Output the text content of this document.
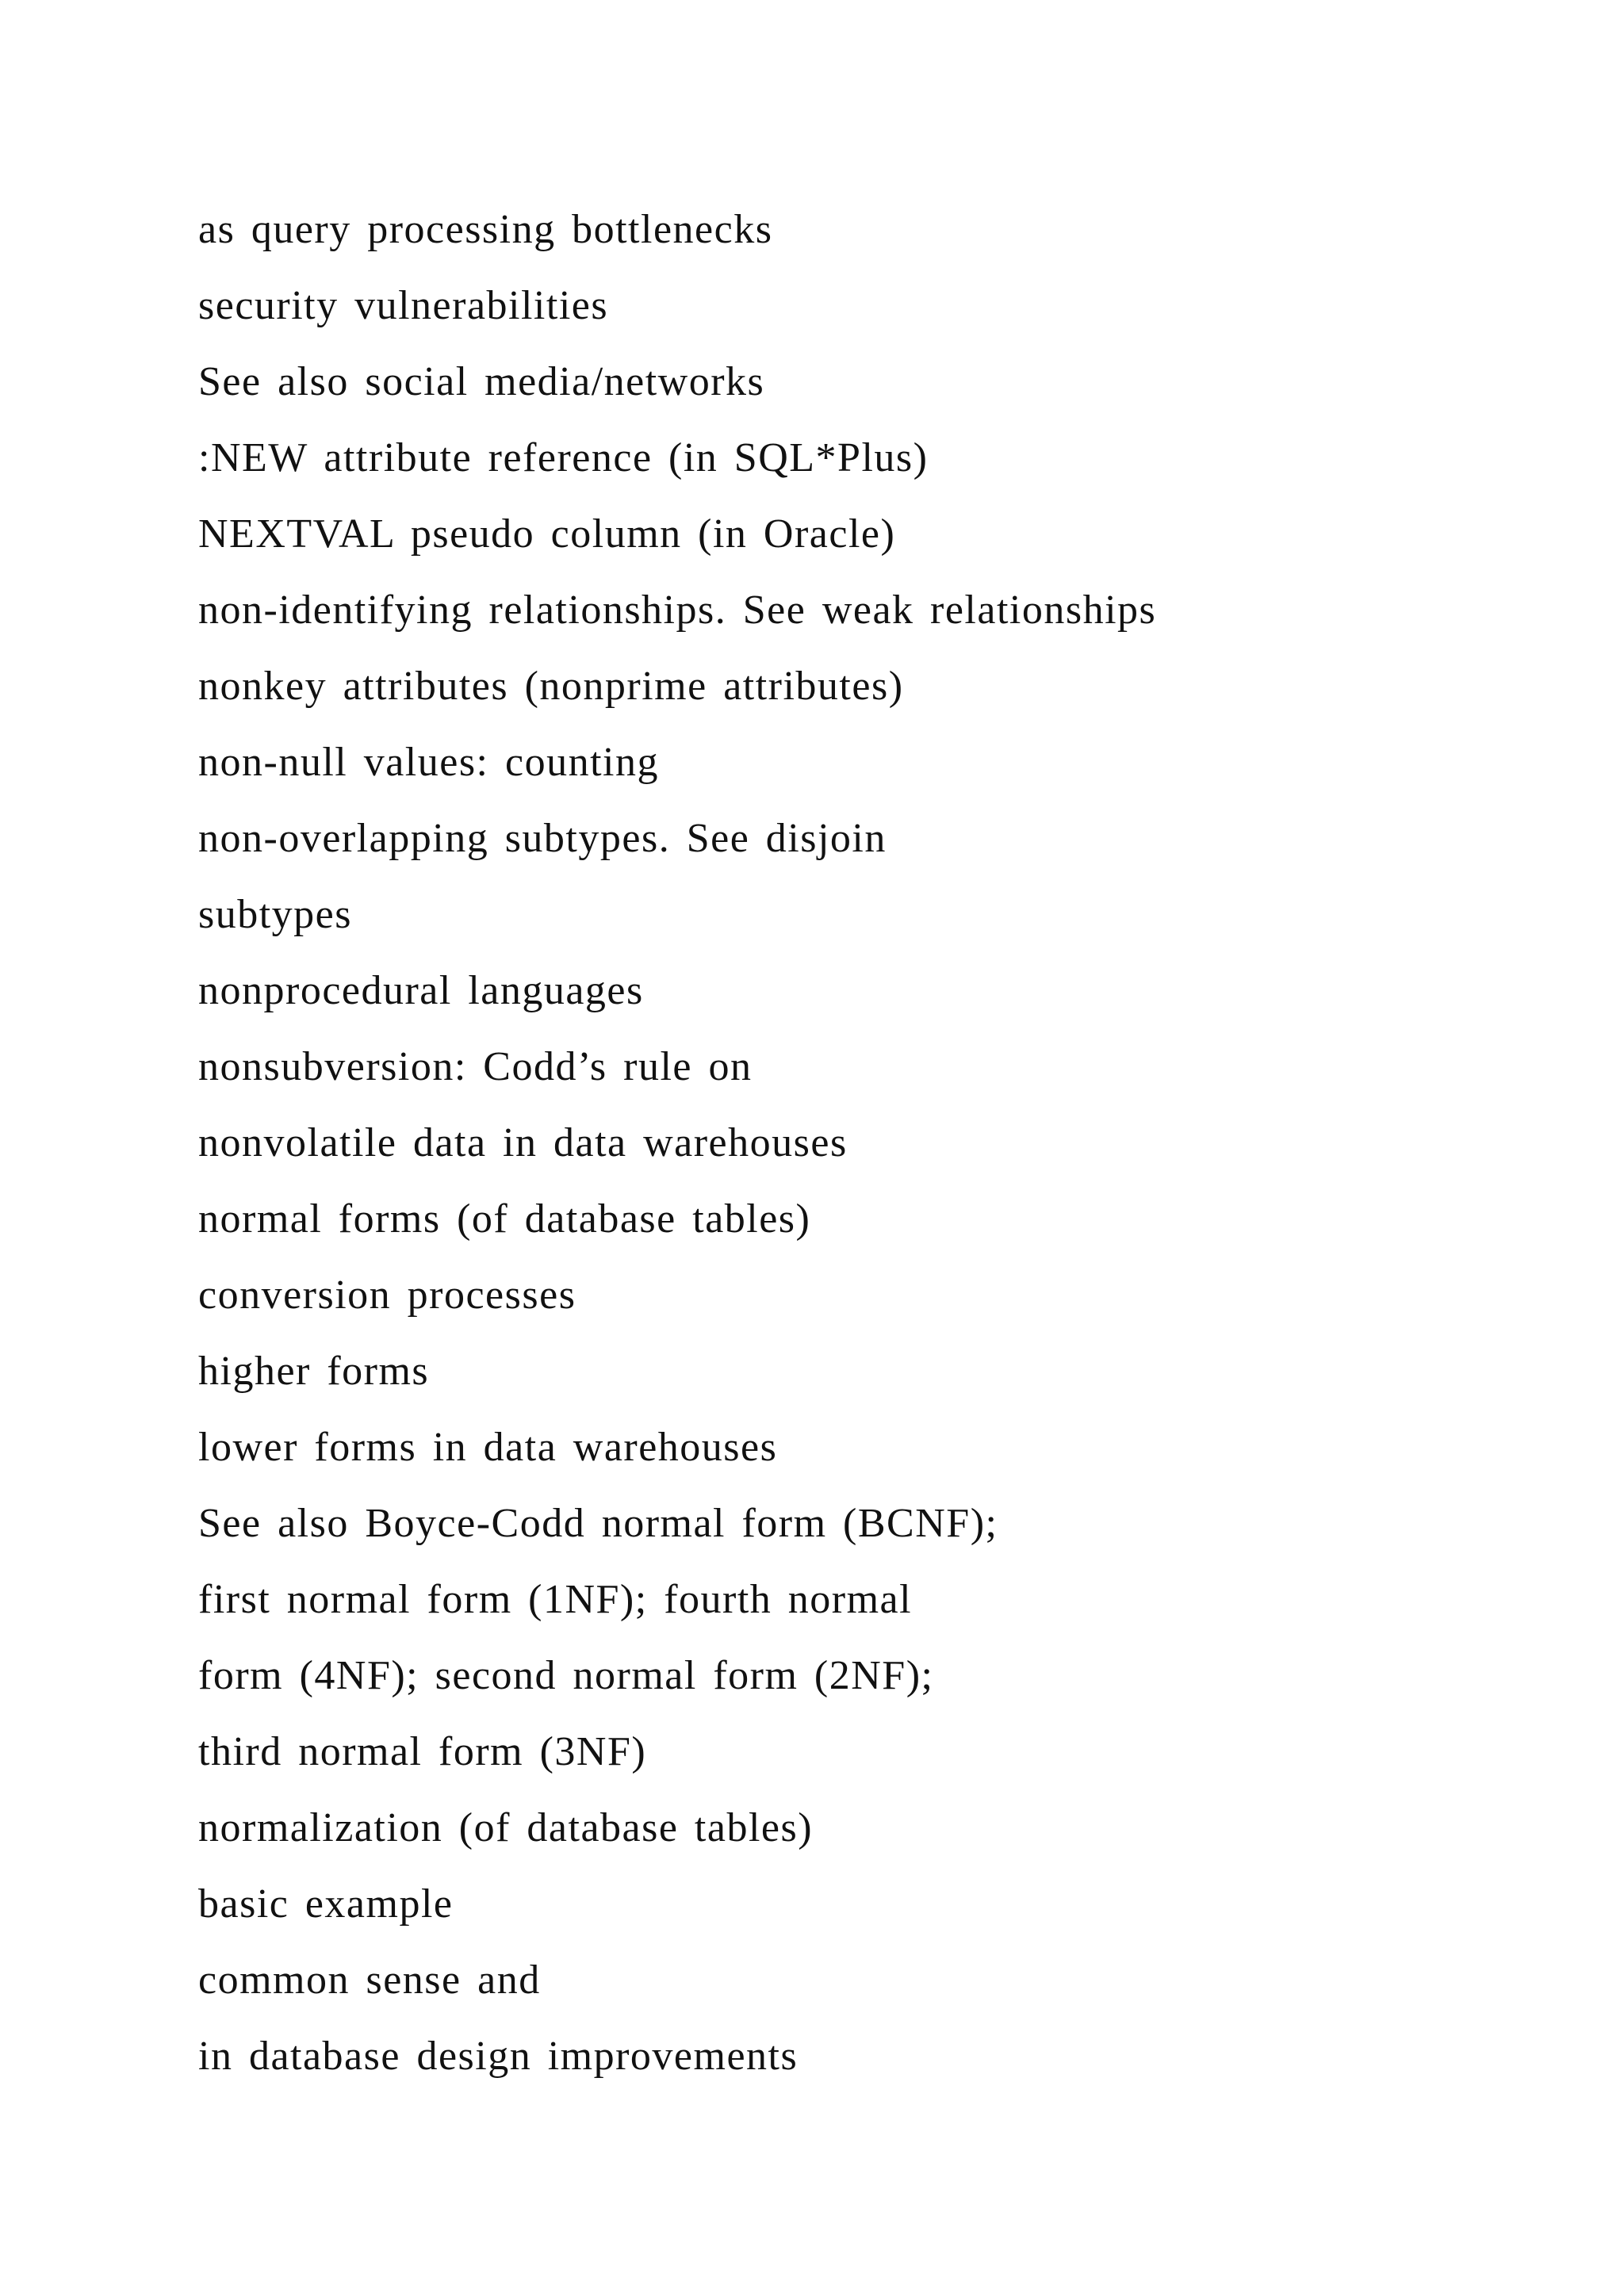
as query processing bottlenecks
security vulnerabilities
See also social media/networks
:NEW attribute reference (in SQL*Plus)
NEXTVAL pseudo column (in Oracle)
non-identifying relationships. See weak relationships
nonkey attributes (nonprime attributes)
non-null values: counting
non-overlapping subtypes. See disjoin
subtypes
nonprocedural languages
nonsubversion: Codd’s rule on
nonvolatile data in data warehouses
normal forms (of database tables)
conversion processes
higher forms
lower forms in data warehouses
See also Boyce-Codd normal form (BCNF);
first normal form (1NF); fourth normal
form (4NF); second normal form (2NF);
third normal form (3NF)
normalization (of database tables)
basic example
common sense and
in database design improvements
